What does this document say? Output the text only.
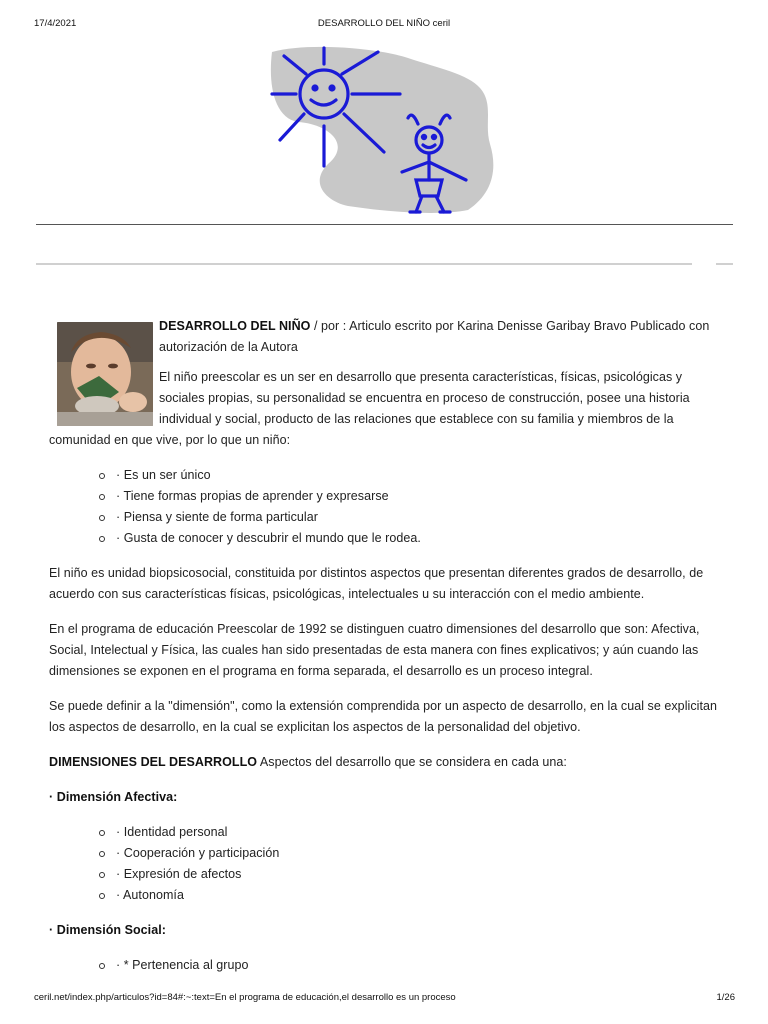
17/4/2021	DESARROLLO DEL NIÑO ceril

DESARROLLO DEL NIÑO / por : Articulo escrito por Karina Denisse Garibay Bravo Publicado con autorización de la Autora

El niño preescolar es un ser en desarrollo que presenta características, físicas, psicológicas y sociales propias, su personalidad se encuentra en proceso de construcción, posee una historia individual y social, producto de las relaciones que establece con su familia y miembros de la comunidad en que vive, por lo que un niño:

· Es un ser único
· Tiene formas propias de aprender y expresarse
· Piensa y siente de forma particular
· Gusta de conocer y descubrir el mundo que le rodea.

El niño es unidad biopsicosocial, constituida por distintos aspectos que presentan diferentes grados de desarrollo, de acuerdo con sus características físicas, psicológicas, intelectuales u su interacción con el medio ambiente.

En el programa de educación Preescolar de 1992 se distinguen cuatro dimensiones del desarrollo que son: Afectiva, Social, Intelectual y Física, las cuales han sido presentadas de esta manera con fines explicativos; y aún cuando las dimensiones se exponen en el programa en forma separada, el desarrollo es un proceso integral.

Se puede definir a la "dimensión", como la extensión comprendida por un aspecto de desarrollo, en la cual se explicitan los aspectos de desarrollo, en la cual se explicitan los aspectos de la personalidad del objetivo.

DIMENSIONES DEL DESARROLLO Aspectos del desarrollo que se considera en cada una:

· Dimensión Afectiva:

· Identidad personal
· Cooperación y participación
· Expresión de afectos
· Autonomía

· Dimensión Social:

· * Pertenencia al grupo
ceril.net/index.php/articulos?id=84#:~:text=En el programa de educación,el desarrollo es un proceso	1/26
